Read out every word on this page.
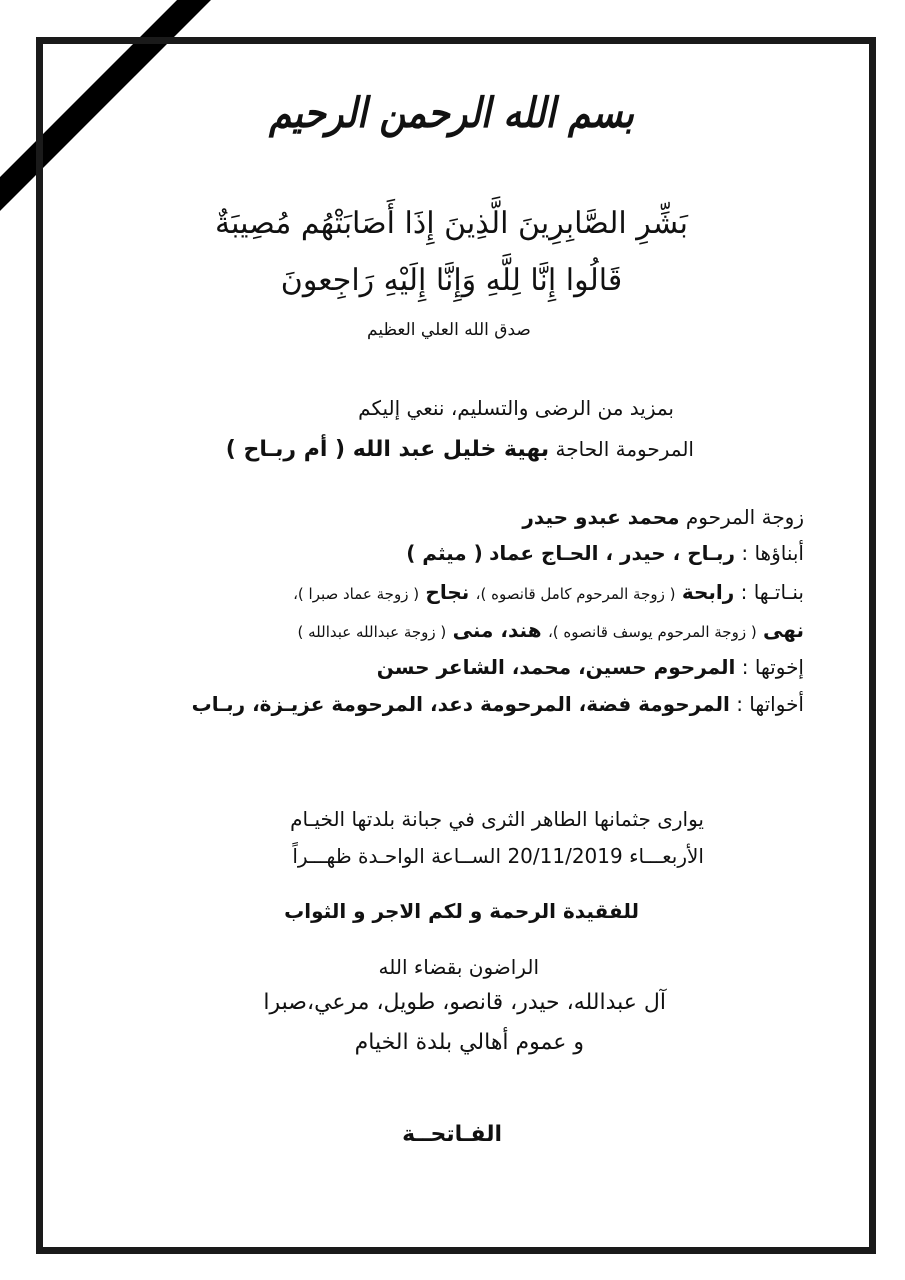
بسم الله الرحمن الرحيم
بَشِّرِ الصَّابِرِينَ الَّذِينَ إِذَا أَصَابَتْهُم مُصِيبَةٌ
قَالُوا إِنَّا لِلَّهِ وَإِنَّا إِلَيْهِ رَاجِعونَ
صدق الله العلي العظيم
بمزيد من الرضى والتسليم، ننعي إليكم
المرحومة الحاجة بهية خليل عبد الله ( أم ربـاح )
زوجة المرحوم محمد عبدو حيدر
أبناؤها : ربـاح ، حيدر ، الحـاج عماد ( ميثم )
بنـاتـها : رابحة ( زوجة المرحوم كامل قانصوه )، نجاح ( زوجة عماد صبرا )،
نهى ( زوجة المرحوم يوسف قانصوه )، هند، منى ( زوجة عبدالله عبدالله )
إخوتها : المرحوم حسين، محمد، الشاعر حسن
أخواتها : المرحومة فضة، المرحومة دعد، المرحومة عزيـزة، ربـاب
يوارى جثمانها الطاهر الثرى في جبانة بلدتها الخيـام
الأربعـــاء 20/11/2019 الســاعة الواحـدة ظهـــراً
للفقيدة الرحمة و لكم الاجر و الثواب
الراضون بقضاء الله
آل عبدالله، حيدر، قانصو، طويل، مرعي،صبرا
و عموم أهالي بلدة الخيام
الفـاتحــة
